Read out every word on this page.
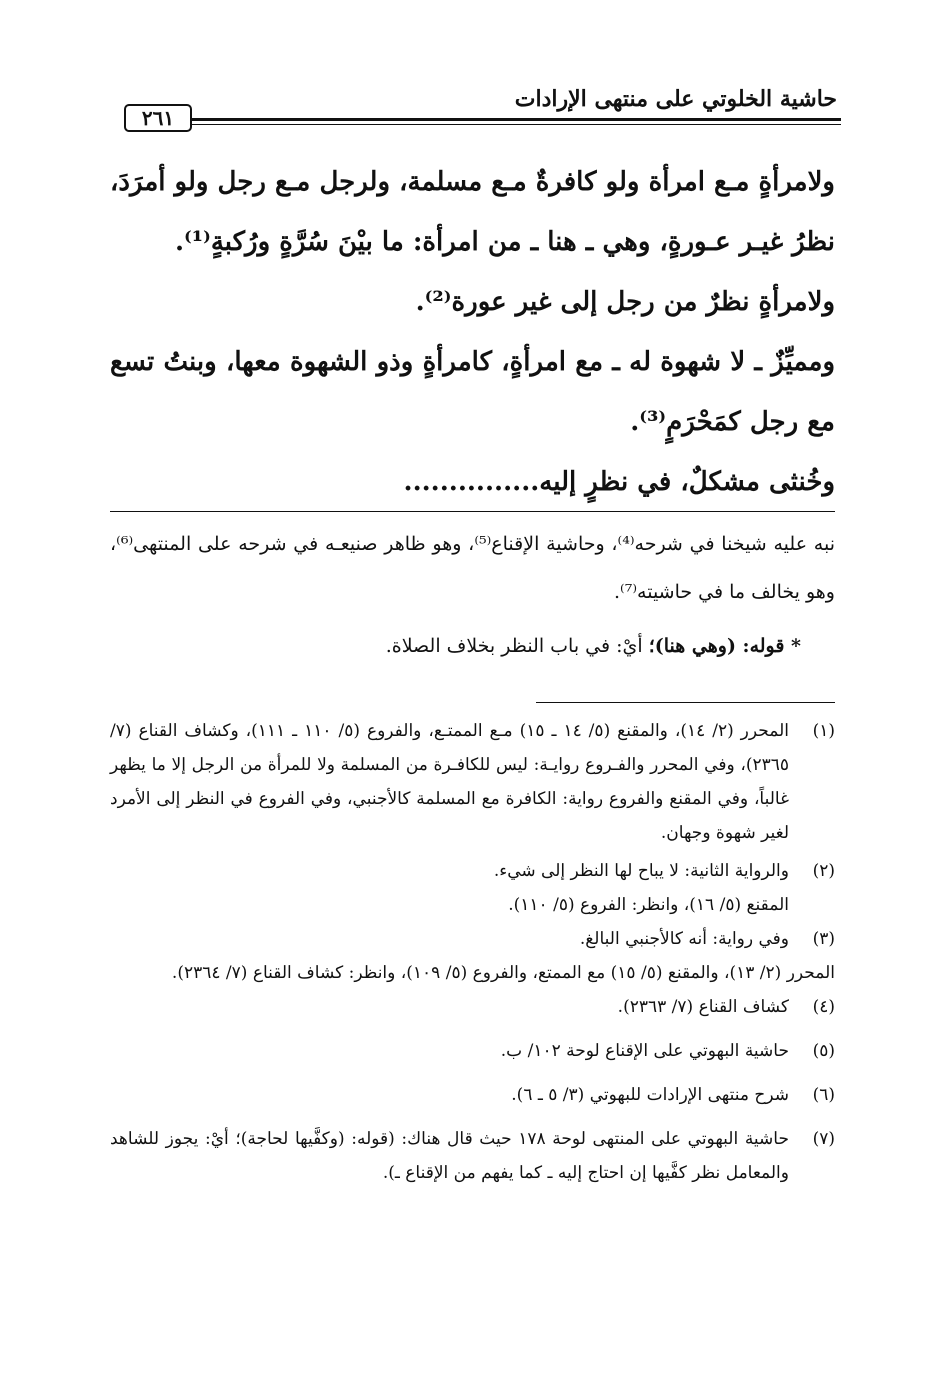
حاشية الخلوتي على منتهى الإرادات
٢٦١

ولامرأةٍ مـع امرأة ولو كافرةٌ مـع مسلمة، ولرجل مـع رجل ولو أمرَدَ، نظرُ غيـر عـورةٍ، وهي ـ هنا ـ من امرأة: ما بيْنَ سُرَّةٍ ورُكبةٍ⁽¹⁾.

ولامرأةٍ نظرٌ من رجل إلى غير عورة⁽²⁾.

ومميِّزٌ ـ لا شهوة له ـ مع امرأةٍ، كامرأةٍ وذو الشهوة معها، وبنتُ تسع مع رجل كمَحْرَمٍ⁽³⁾.

وخُنثى مشكلٌ، في نظرٍ إليه...............

نبه عليه شيخنا في شرحه⁽⁴⁾، وحاشية الإقناع⁽⁵⁾، وهو ظاهر صنيعـه في شرحه على المنتهى⁽⁶⁾، وهو يخالف ما في حاشيته⁽⁷⁾.

* قوله: (وهي هنا)؛ أيْ: في باب النظر بخلاف الصلاة.

(١)
المحرر (٢/ ١٤)، والمقنع (٥/ ١٤ ـ ١٥) مـع الممتـع، والفروع (٥/ ١١٠ ـ ١١١)، وكشاف القناع (٧/ ٢٣٦٥)، وفي المحرر والفـروع روايـة: ليس للكافـرة من المسلمة ولا للمرأة من الرجل إلا ما يظهر غالباً، وفي المقنع والفروع رواية: الكافرة مع المسلمة كالأجنبي، وفي الفروع في النظر إلى الأمرد لغير شهوة وجهان.
(٢)
والرواية الثانية: لا يباح لها النظر إلى شيء.
المقنع (٥/ ١٦)، وانظر: الفروع (٥/ ١١٠).
(٣)
وفي رواية: أنه كالأجنبي البالغ.
المحرر (٢/ ١٣)، والمقنع (٥/ ١٥) مع الممتع، والفروع (٥/ ١٠٩)، وانظر: كشاف القناع (٧/ ٢٣٦٤).
(٤)
كشاف القناع (٧/ ٢٣٦٣).
(٥)
حاشية البهوتي على الإقناع لوحة ١٠٢/ ب.
(٦)
شرح منتهى الإرادات للبهوتي (٣/ ٥ ـ ٦).
(٧)
حاشية البهوتي على المنتهى لوحة ١٧٨ حيث قال هناك: (قوله: (وكفَّيها لحاجة)؛ أيْ: يجوز للشاهد والمعامل نظر كفَّيها إن احتاج إليه ـ كما يفهم من الإقناع ـ).
